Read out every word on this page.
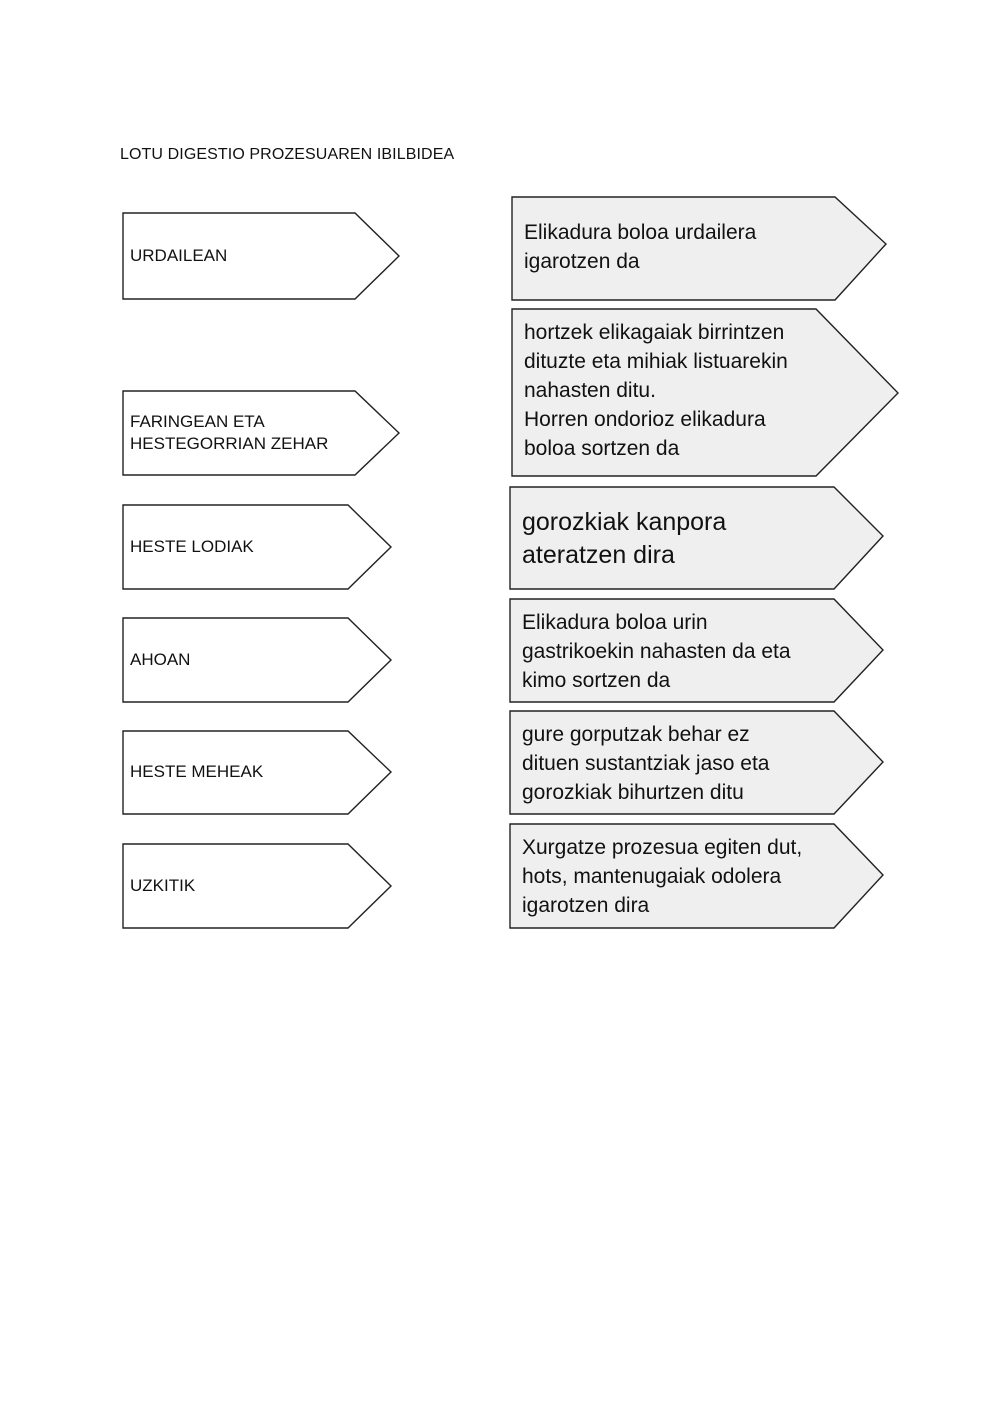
LOTU DIGESTIO PROZESUAREN IBILBIDEA
URDAILEAN
FARINGEAN ETA
HESTEGORRIAN ZEHAR
HESTE LODIAK
AHOAN
HESTE MEHEAK
UZKITIK
Elikadura boloa urdailera
igarotzen da
hortzek elikagaiak birrintzen
dituzte eta mihiak listuarekin
nahasten ditu.
Horren ondorioz elikadura
boloa sortzen da
gorozkiak kanpora
ateratzen dira
Elikadura boloa urin
gastrikoekin nahasten da eta
kimo sortzen da
gure gorputzak behar ez
dituen sustantziak jaso eta
gorozkiak bihurtzen ditu
Xurgatze prozesua egiten dut,
hots, mantenugaiak odolera
igarotzen dira
